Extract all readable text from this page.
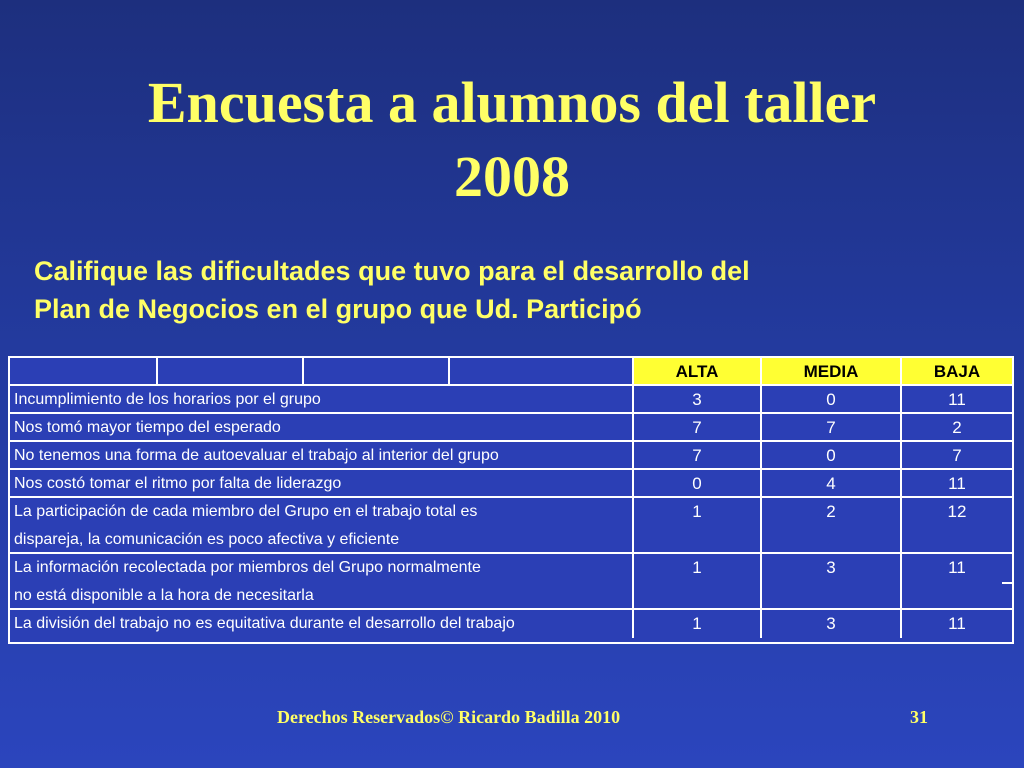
Encuesta a alumnos del taller
2008
Califique las dificultades que tuvo para el desarrollo del
Plan de Negocios en el grupo que Ud. Participó
ALTA	MEDIA	BAJA
Incumplimiento de los horarios por el grupo	3	0	11
Nos tomó mayor tiempo del esperado	7	7	2
No tenemos una forma de autoevaluar el trabajo al interior del grupo	7	0	7
Nos costó tomar el ritmo por falta de liderazgo	0	4	11
La participación de cada miembro del Grupo en el trabajo total es	1	2	12
dispareja, la comunicación es poco afectiva y eficiente
La información recolectada por miembros del Grupo normalmente	1	3	11
no está disponible a la hora de necesitarla
La división del trabajo no es equitativa durante el desarrollo del trabajo	1	3	11
Derechos Reservados© Ricardo Badilla 2010	31
